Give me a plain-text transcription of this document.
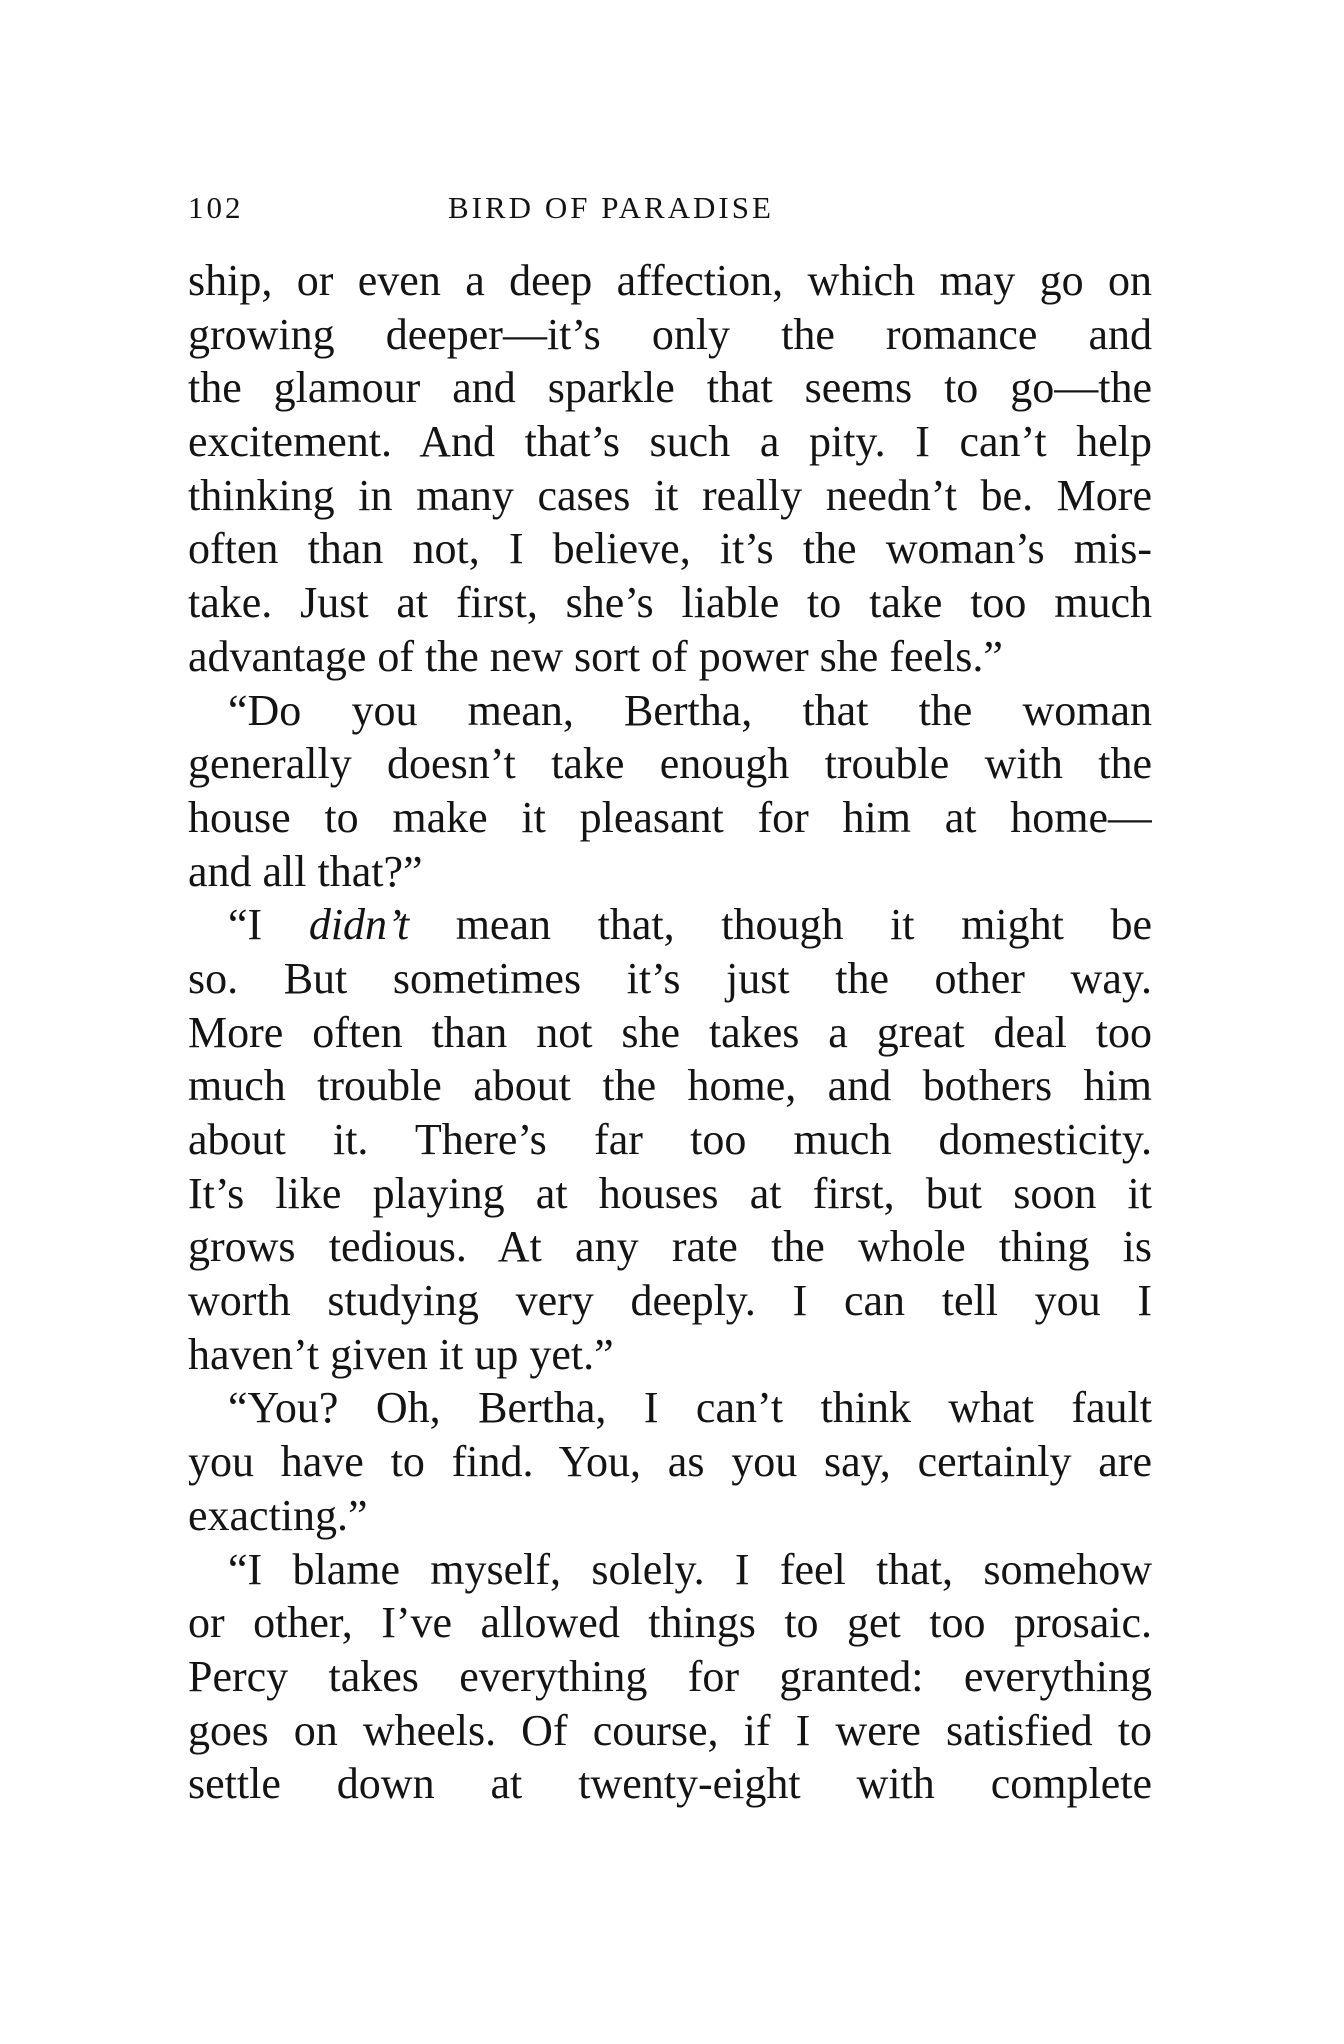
102	BIRD OF PARADISE
ship, or even a deep affection, which may go on
growing deeper—it’s only the romance and
the glamour and sparkle that seems to go—the
excitement. And that’s such a pity. I can’t help
thinking in many cases it really needn’t be. More
often than not, I believe, it’s the woman’s mis-
take. Just at first, she’s liable to take too much
advantage of the new sort of power she feels.”
“Do you mean, Bertha, that the woman
generally doesn’t take enough trouble with the
house to make it pleasant for him at home—
and all that?”
“I didn’t mean that, though it might be
so. But sometimes it’s just the other way.
More often than not she takes a great deal too
much trouble about the home, and bothers him
about it. There’s far too much domesticity.
It’s like playing at houses at first, but soon it
grows tedious. At any rate the whole thing is
worth studying very deeply. I can tell you I
haven’t given it up yet.”
“You? Oh, Bertha, I can’t think what fault
you have to find. You, as you say, certainly are
exacting.”
“I blame myself, solely. I feel that, somehow
or other, I’ve allowed things to get too prosaic.
Percy takes everything for granted: everything
goes on wheels. Of course, if I were satisfied to
settle down at twenty-eight with complete
